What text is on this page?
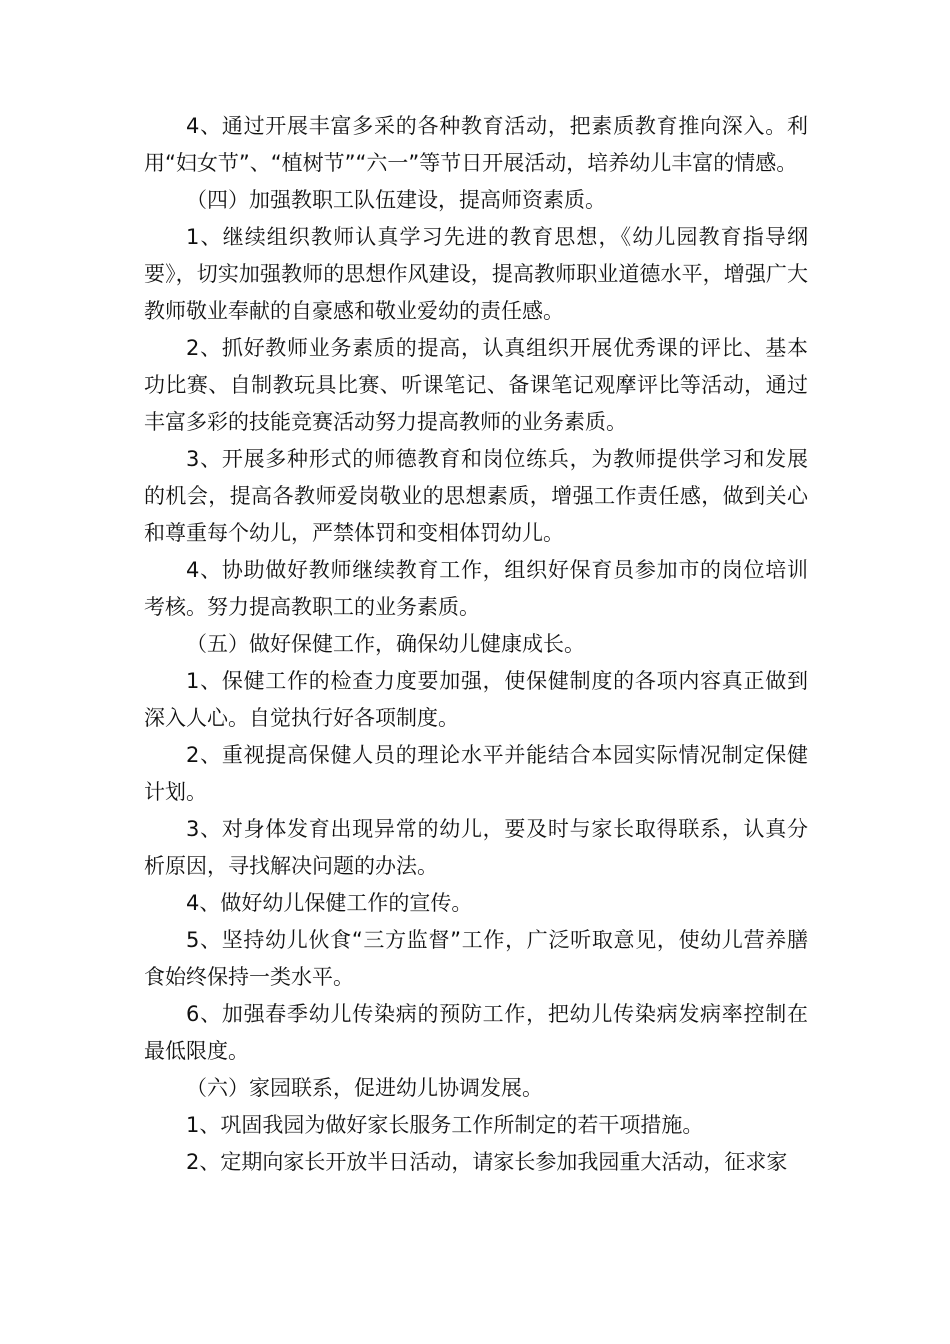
4、通过开展丰富多采的各种教育活动，把素质教育推向深入。利用“妇女节”、“植树节”“六一”等节日开展活动，培养幼儿丰富的情感。

（四）加强教职工队伍建设，提高师资素质。

1、继续组织教师认真学习先进的教育思想，《幼儿园教育指导纲要》，切实加强教师的思想作风建设，提高教师职业道德水平，增强广大教师敬业奉献的自豪感和敬业爱幼的责任感。

2、抓好教师业务素质的提高，认真组织开展优秀课的评比、基本功比赛、自制教玩具比赛、听课笔记、备课笔记观摩评比等活动，通过丰富多彩的技能竞赛活动努力提高教师的业务素质。

3、开展多种形式的师德教育和岗位练兵，为教师提供学习和发展的机会，提高各教师爱岗敬业的思想素质，增强工作责任感，做到关心和尊重每个幼儿，严禁体罚和变相体罚幼儿。

4、协助做好教师继续教育工作，组织好保育员参加市的岗位培训考核。努力提高教职工的业务素质。

（五）做好保健工作，确保幼儿健康成长。

1、保健工作的检查力度要加强，使保健制度的各项内容真正做到深入人心。自觉执行好各项制度。

2、重视提高保健人员的理论水平并能结合本园实际情况制定保健计划。

3、对身体发育出现异常的幼儿，要及时与家长取得联系，认真分析原因，寻找解决问题的办法。

4、做好幼儿保健工作的宣传。

5、坚持幼儿伙食“三方监督”工作，广泛听取意见，使幼儿营养膳食始终保持一类水平。

6、加强春季幼儿传染病的预防工作，把幼儿传染病发病率控制在最低限度。

（六）家园联系，促进幼儿协调发展。

1、巩固我园为做好家长服务工作所制定的若干项措施。

2、定期向家长开放半日活动，请家长参加我园重大活动，征求家
